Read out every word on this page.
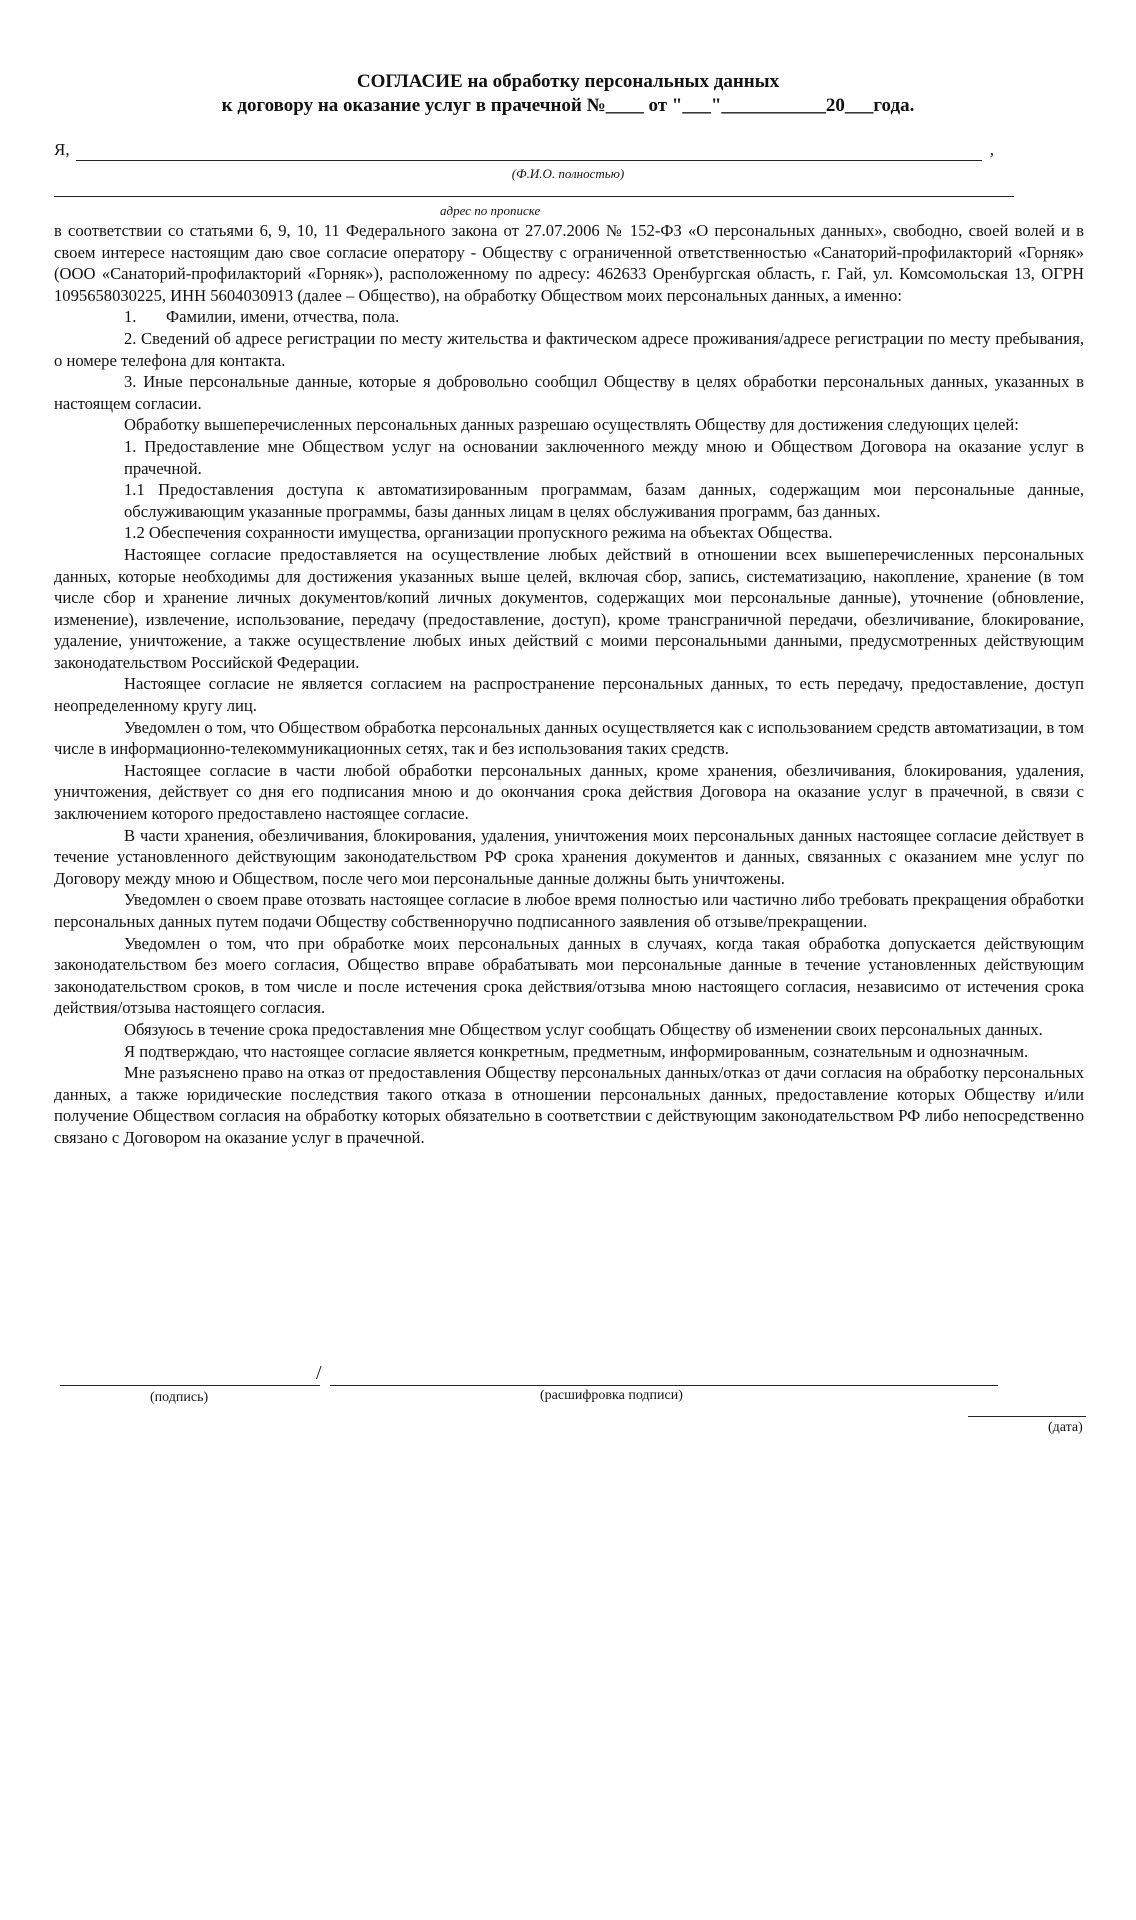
СОГЛАСИЕ на обработку персональных данных
к договору на оказание услуг в прачечной №____ от "___"___________20___года.
Я,	,
(Ф.И.О. полностью)
адрес по прописке

в соответствии со статьями 6, 9, 10, 11 Федерального закона от 27.07.2006 № 152-ФЗ «О персональных данных», свободно, своей волей и в своем интересе настоящим даю свое согласие оператору - Обществу с ограниченной ответственностью «Санаторий-профилакторий «Горняк» (ООО «Санаторий-профилакторий «Горняк»), расположенному по адресу: 462633 Оренбургская область, г. Гай, ул. Комсомольская 13, ОГРН 1095658030225, ИНН 5604030913 (далее – Общество), на обработку Обществом моих персональных данных, а именно:

1.	Фамилии, имени, отчества, пола.

2. Сведений об адресе регистрации по месту жительства и фактическом адресе проживания/адресе регистрации по месту пребывания, о номере телефона для контакта.

3. Иные персональные данные, которые я добровольно сообщил Обществу в целях обработки персональных данных, указанных в настоящем согласии.

Обработку вышеперечисленных персональных данных разрешаю осуществлять Обществу для достижения следующих целей:

1. Предоставление мне Обществом услуг на основании заключенного между мною и Обществом Договора на оказание услуг в прачечной.

1.1 Предоставления доступа к автоматизированным программам, базам данных, содержащим мои персональные данные, обслуживающим указанные программы, базы данных лицам в целях обслуживания программ, баз данных.

1.2 Обеспечения сохранности имущества, организации пропускного режима на объектах Общества.

Настоящее согласие предоставляется на осуществление любых действий в отношении всех вышеперечисленных персональных данных, которые необходимы для достижения указанных выше целей, включая сбор, запись, систематизацию, накопление, хранение (в том числе сбор и хранение личных документов/копий личных документов, содержащих мои персональные данные), уточнение (обновление, изменение), извлечение, использование, передачу (предоставление, доступ), кроме трансграничной передачи, обезличивание, блокирование, удаление, уничтожение, а также осуществление любых иных действий с моими персональными данными, предусмотренных действующим законодательством Российской Федерации.

Настоящее согласие не является согласием на распространение персональных данных, то есть передачу, предоставление, доступ неопределенному кругу лиц.

Уведомлен о том, что Обществом обработка персональных данных осуществляется как с использованием средств автоматизации, в том числе в информационно-телекоммуникационных сетях, так и без использования таких средств.

Настоящее согласие в части любой обработки персональных данных, кроме хранения, обезличивания, блокирования, удаления, уничтожения, действует со дня его подписания мною и до окончания срока действия Договора на оказание услуг в прачечной, в связи с заключением которого предоставлено настоящее согласие.

В части хранения, обезличивания, блокирования, удаления, уничтожения моих персональных данных настоящее согласие действует в течение установленного действующим законодательством РФ срока хранения документов и данных, связанных с оказанием мне услуг по Договору между мною и Обществом, после чего мои персональные данные должны быть уничтожены.

Уведомлен о своем праве отозвать настоящее согласие в любое время полностью или частично либо требовать прекращения обработки персональных данных путем подачи Обществу собственноручно подписанного заявления об отзыве/прекращении.

Уведомлен о том, что при обработке моих персональных данных в случаях, когда такая обработка допускается действующим законодательством без моего согласия, Общество вправе обрабатывать мои персональные данные в течение установленных действующим законодательством сроков, в том числе и после истечения срока действия/отзыва мною настоящего согласия, независимо от истечения срока действия/отзыва настоящего согласия.

Обязуюсь в течение срока предоставления мне Обществом услуг сообщать Обществу об изменении своих персональных данных.

Я подтверждаю, что настоящее согласие является конкретным, предметным, информированным, сознательным и однозначным.

Мне разъяснено право на отказ от предоставления Обществу персональных данных/отказ от дачи согласия на обработку персональных данных, а также юридические последствия такого отказа в отношении персональных данных, предоставление которых Обществу и/или получение Обществом согласия на обработку которых обязательно в соответствии с действующим законодательством РФ либо непосредственно связано с Договором на оказание услуг в прачечной.

/
(подпись)	(расшифровка подписи)
(дата)
